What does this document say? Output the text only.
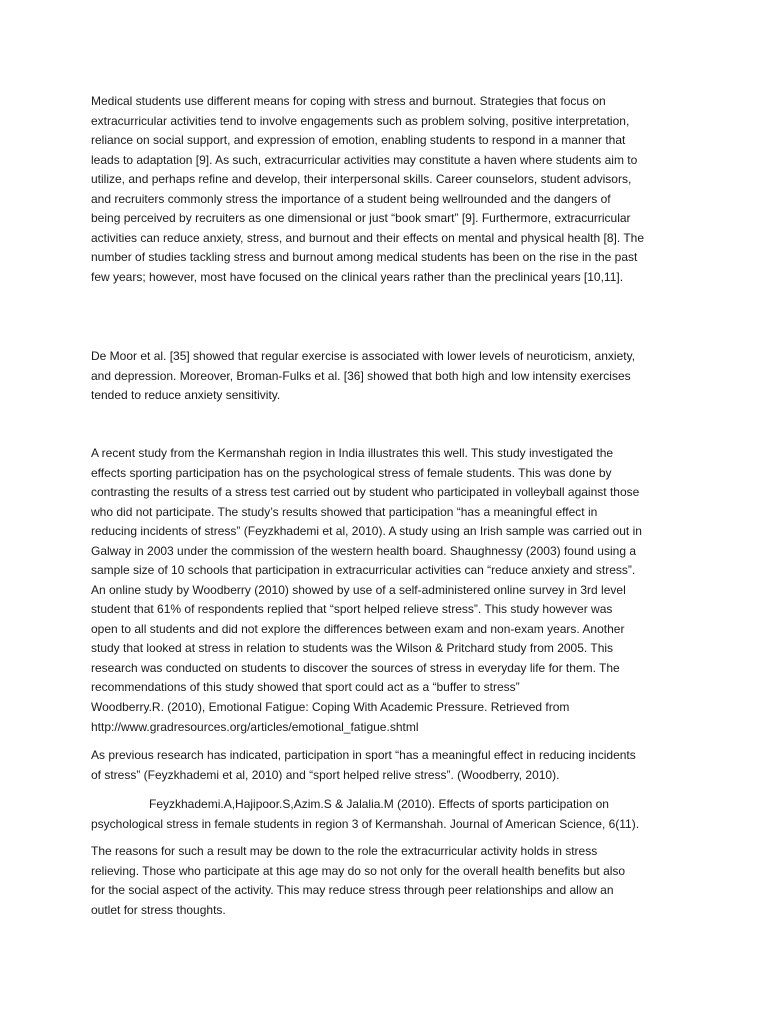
Medical students use different means for coping with stress and burnout. Strategies that focus on
extracurricular activities tend to involve engagements such as problem solving, positive interpretation,
reliance on social support, and expression of emotion, enabling students to respond in a manner that
leads to adaptation [9]. As such, extracurricular activities may constitute a haven where students aim to
utilize, and perhaps refine and develop, their interpersonal skills. Career counselors, student advisors,
and recruiters commonly stress the importance of a student being wellrounded and the dangers of
being perceived by recruiters as one dimensional or just “book smart” [9]. Furthermore, extracurricular
activities can reduce anxiety, stress, and burnout and their effects on mental and physical health [8]. The
number of studies tackling stress and burnout among medical students has been on the rise in the past
few years; however, most have focused on the clinical years rather than the preclinical years [10,11].

De Moor et al. [35] showed that regular exercise is associated with lower levels of neuroticism, anxiety,
and depression. Moreover, Broman-Fulks et al. [36] showed that both high and low intensity exercises
tended to reduce anxiety sensitivity.

A recent study from the Kermanshah region in India illustrates this well. This study investigated the
effects sporting participation has on the psychological stress of female students. This was done by
contrasting the results of a stress test carried out by student who participated in volleyball against those
who did not participate. The study’s results showed that participation “has a meaningful effect in
reducing incidents of stress” (Feyzkhademi et al, 2010). A study using an Irish sample was carried out in
Galway in 2003 under the commission of the western health board. Shaughnessy (2003) found using a
sample size of 10 schools that participation in extracurricular activities can “reduce anxiety and stress”.
An online study by Woodberry (2010) showed by use of a self-administered online survey in 3rd level
student that 61% of respondents replied that “sport helped relieve stress”. This study however was
open to all students and did not explore the differences between exam and non-exam years. Another
study that looked at stress in relation to students was the Wilson & Pritchard study from 2005. This
research was conducted on students to discover the sources of stress in everyday life for them. The
recommendations of this study showed that sport could act as a “buffer to stress”

Woodberry.R. (2010), Emotional Fatigue: Coping With Academic Pressure. Retrieved from
http://www.gradresources.org/articles/emotional_fatigue.shtml

As previous research has indicated, participation in sport “has a meaningful effect in reducing incidents
of stress” (Feyzkhademi et al, 2010) and “sport helped relive stress”. (Woodberry, 2010).

Feyzkhademi.A,Hajipoor.S,Azim.S & Jalalia.M (2010). Effects of sports participation on
psychological stress in female students in region 3 of Kermanshah. Journal of American Science, 6(11).

The reasons for such a result may be down to the role the extracurricular activity holds in stress
relieving. Those who participate at this age may do so not only for the overall health benefits but also
for the social aspect of the activity. This may reduce stress through peer relationships and allow an
outlet for stress thoughts.
